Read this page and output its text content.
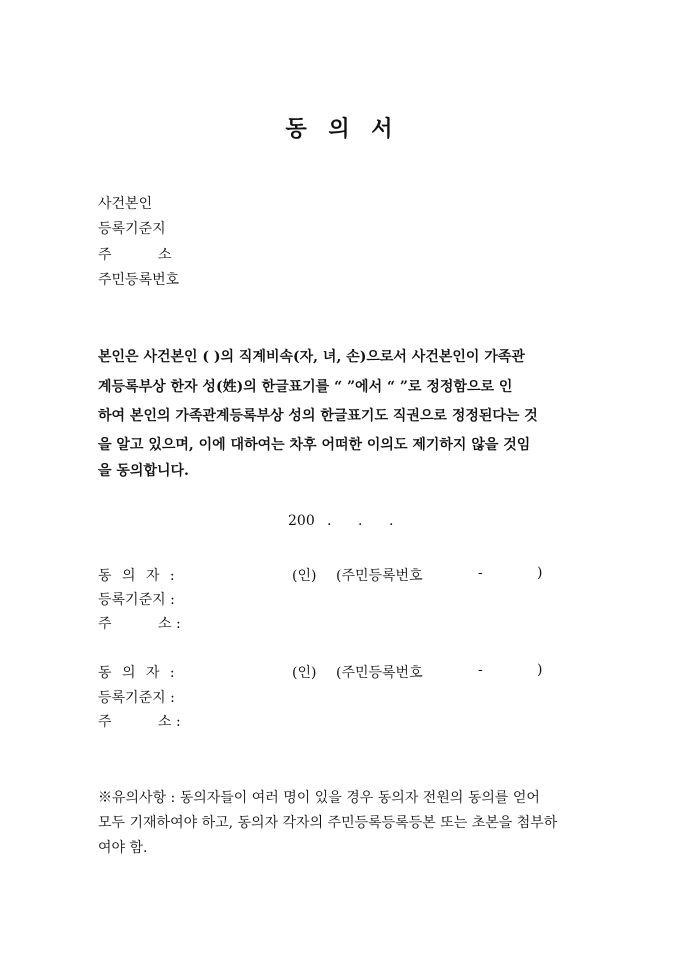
동 의 서
사건본인
등록기준지
주	소
주민등록번호
본인은 사건본인 ( )의 직계비속(자, 녀, 손)으로서 사건본인이 가족관
계등록부상 한자 성(姓)의 한글표기를 “ ”에서 “ ”로 정정함으로 인
하여 본인의 가족관계등록부상 성의 한글표기도 직권으로 정정된다는 것
을 알고 있으며, 이에 대하여는 차후 어떠한 이의도 제기하지 않을 것임
을 동의합니다.
200 . . .
동 의 자 :	(인) (주민등록번호	-	)
등록기준지 :
주	소 :
동 의 자 :	(인) (주민등록번호	-	)
등록기준지 :
주	소 :
※유의사항 : 동의자들이 여러 명이 있을 경우 동의자 전원의 동의를 얻어
모두 기재하여야 하고, 동의자 각자의 주민등록등록등본 또는 초본을 첨부하
여야 함.
